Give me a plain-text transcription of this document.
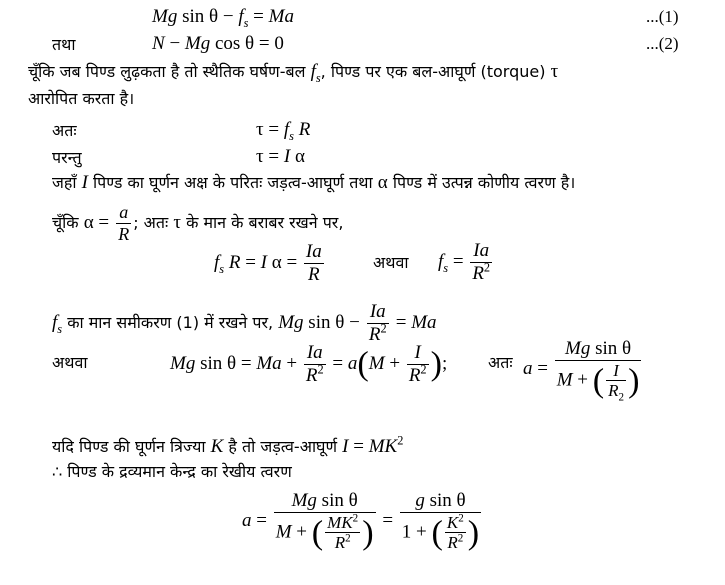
Mg $\sin \theta - f_s = Ma$	...(1)
तथा	N − Mg cos θ = 0	...(2)
चूँकि जब पिण्ड लुढ़कता है तो स्थैतिक घर्षण-बल $f_s$, पिण्ड पर एक बल-आघूर्ण (torque) τ
आरोपित करता है।
अतः	$\tau = f_s$ R
परन्तु	τ = I α
जहाँ I पिण्ड का घूर्णन अक्ष के परितः जड़त्व-आघूर्ण तथा α पिण्ड में उत्पन्न कोणीय त्वरण है।
चूँकि $\alpha = \frac{a}{R}$ ; अतः τ के मान के बराबर रखने पर,
$f_s$ R = I $\alpha = \frac{Ia}{R}$	अथवा $f_s = \frac{Ia}{R^2}$
$f_s$ का मान समीकरण (1) में रखने पर, Mg $\sin \theta - \frac{Ia}{R^2} = Ma$
अथवा	Mg $\sin \theta = Ma + \frac{Ia}{R^2} = a(M + \frac{I}{R^2}$ );	अतः $a = \frac{\text{Mg sin θ}}{M + ( \frac{I}{R_2} )}$
यदि पिण्ड की घूर्णन त्रिज्या K है तो जड़त्व-आघूर्ण $I = MK^2$
∴ पिण्ड के द्रव्यमान केन्द्र का रेखीय त्वरण
$a = \frac{\text{Mg sin θ}}{M + ( \frac{MK^2}{R^2} )} = \frac{\text{g sin θ}}{1 + ( \frac{K^2}{R^2} )}$
